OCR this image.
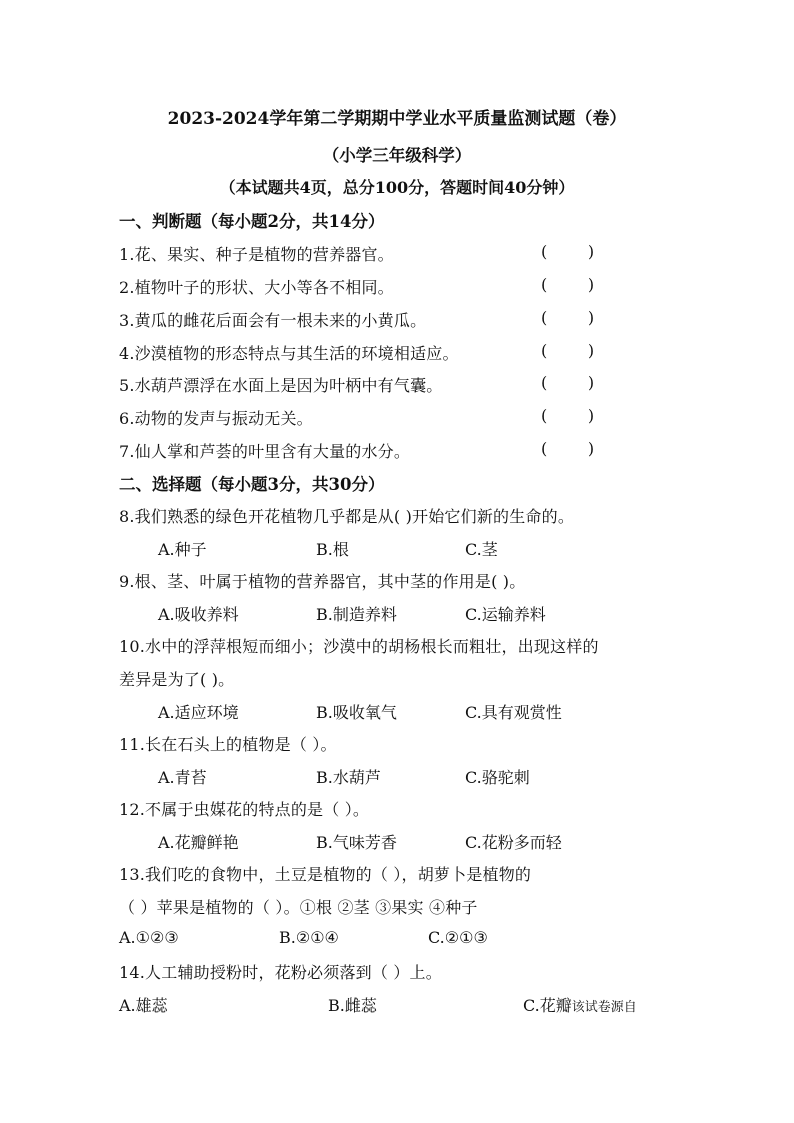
2023-2024学年第二学期期中学业水平质量监测试题（卷）
（小学三年级科学）
（本试题共4页，总分100分，答题时间40分钟）
一、判断题（每小题2分，共14分）
1.花、果实、种子是植物的营养器官。	(        )
2.植物叶子的形状、大小等各不相同。	(        )
3.黄瓜的雌花后面会有一根未来的小黄瓜。	(        )
4.沙漠植物的形态特点与其生活的环境相适应。	(        )
5.水葫芦漂浮在水面上是因为叶柄中有气囊。	(        )
6.动物的发声与振动无关。	(        )
7.仙人掌和芦荟的叶里含有大量的水分。	(        )
二、选择题（每小题3分，共30分）
8.我们熟悉的绿色开花植物几乎都是从( )开始它们新的生命的。
A.种子	B.根	C.茎
9.根、茎、叶属于植物的营养器官，其中茎的作用是( )。
A.吸收养料	B.制造养料	C.运输养料
10.水中的浮萍根短而细小；沙漠中的胡杨根长而粗壮，出现这样的
差异是为了( )。
A.适应环境	B.吸收氧气	C.具有观赏性
11.长在石头上的植物是（ ）。
A.青苔	B.水葫芦	C.骆驼刺
12.不属于虫媒花的特点的是（ ）。
A.花瓣鲜艳	B.气味芳香	C.花粉多而轻
13.我们吃的食物中，土豆是植物的（ ），胡萝卜是植物的
（ ）苹果是植物的（ ）。①根 ②茎 ③果实 ④种子
A.①②③	B.②①④	C.②①③
14.人工辅助授粉时，花粉必须落到（ ）上。
A.雄蕊	B.雌蕊	C.花瓣该试卷源自
